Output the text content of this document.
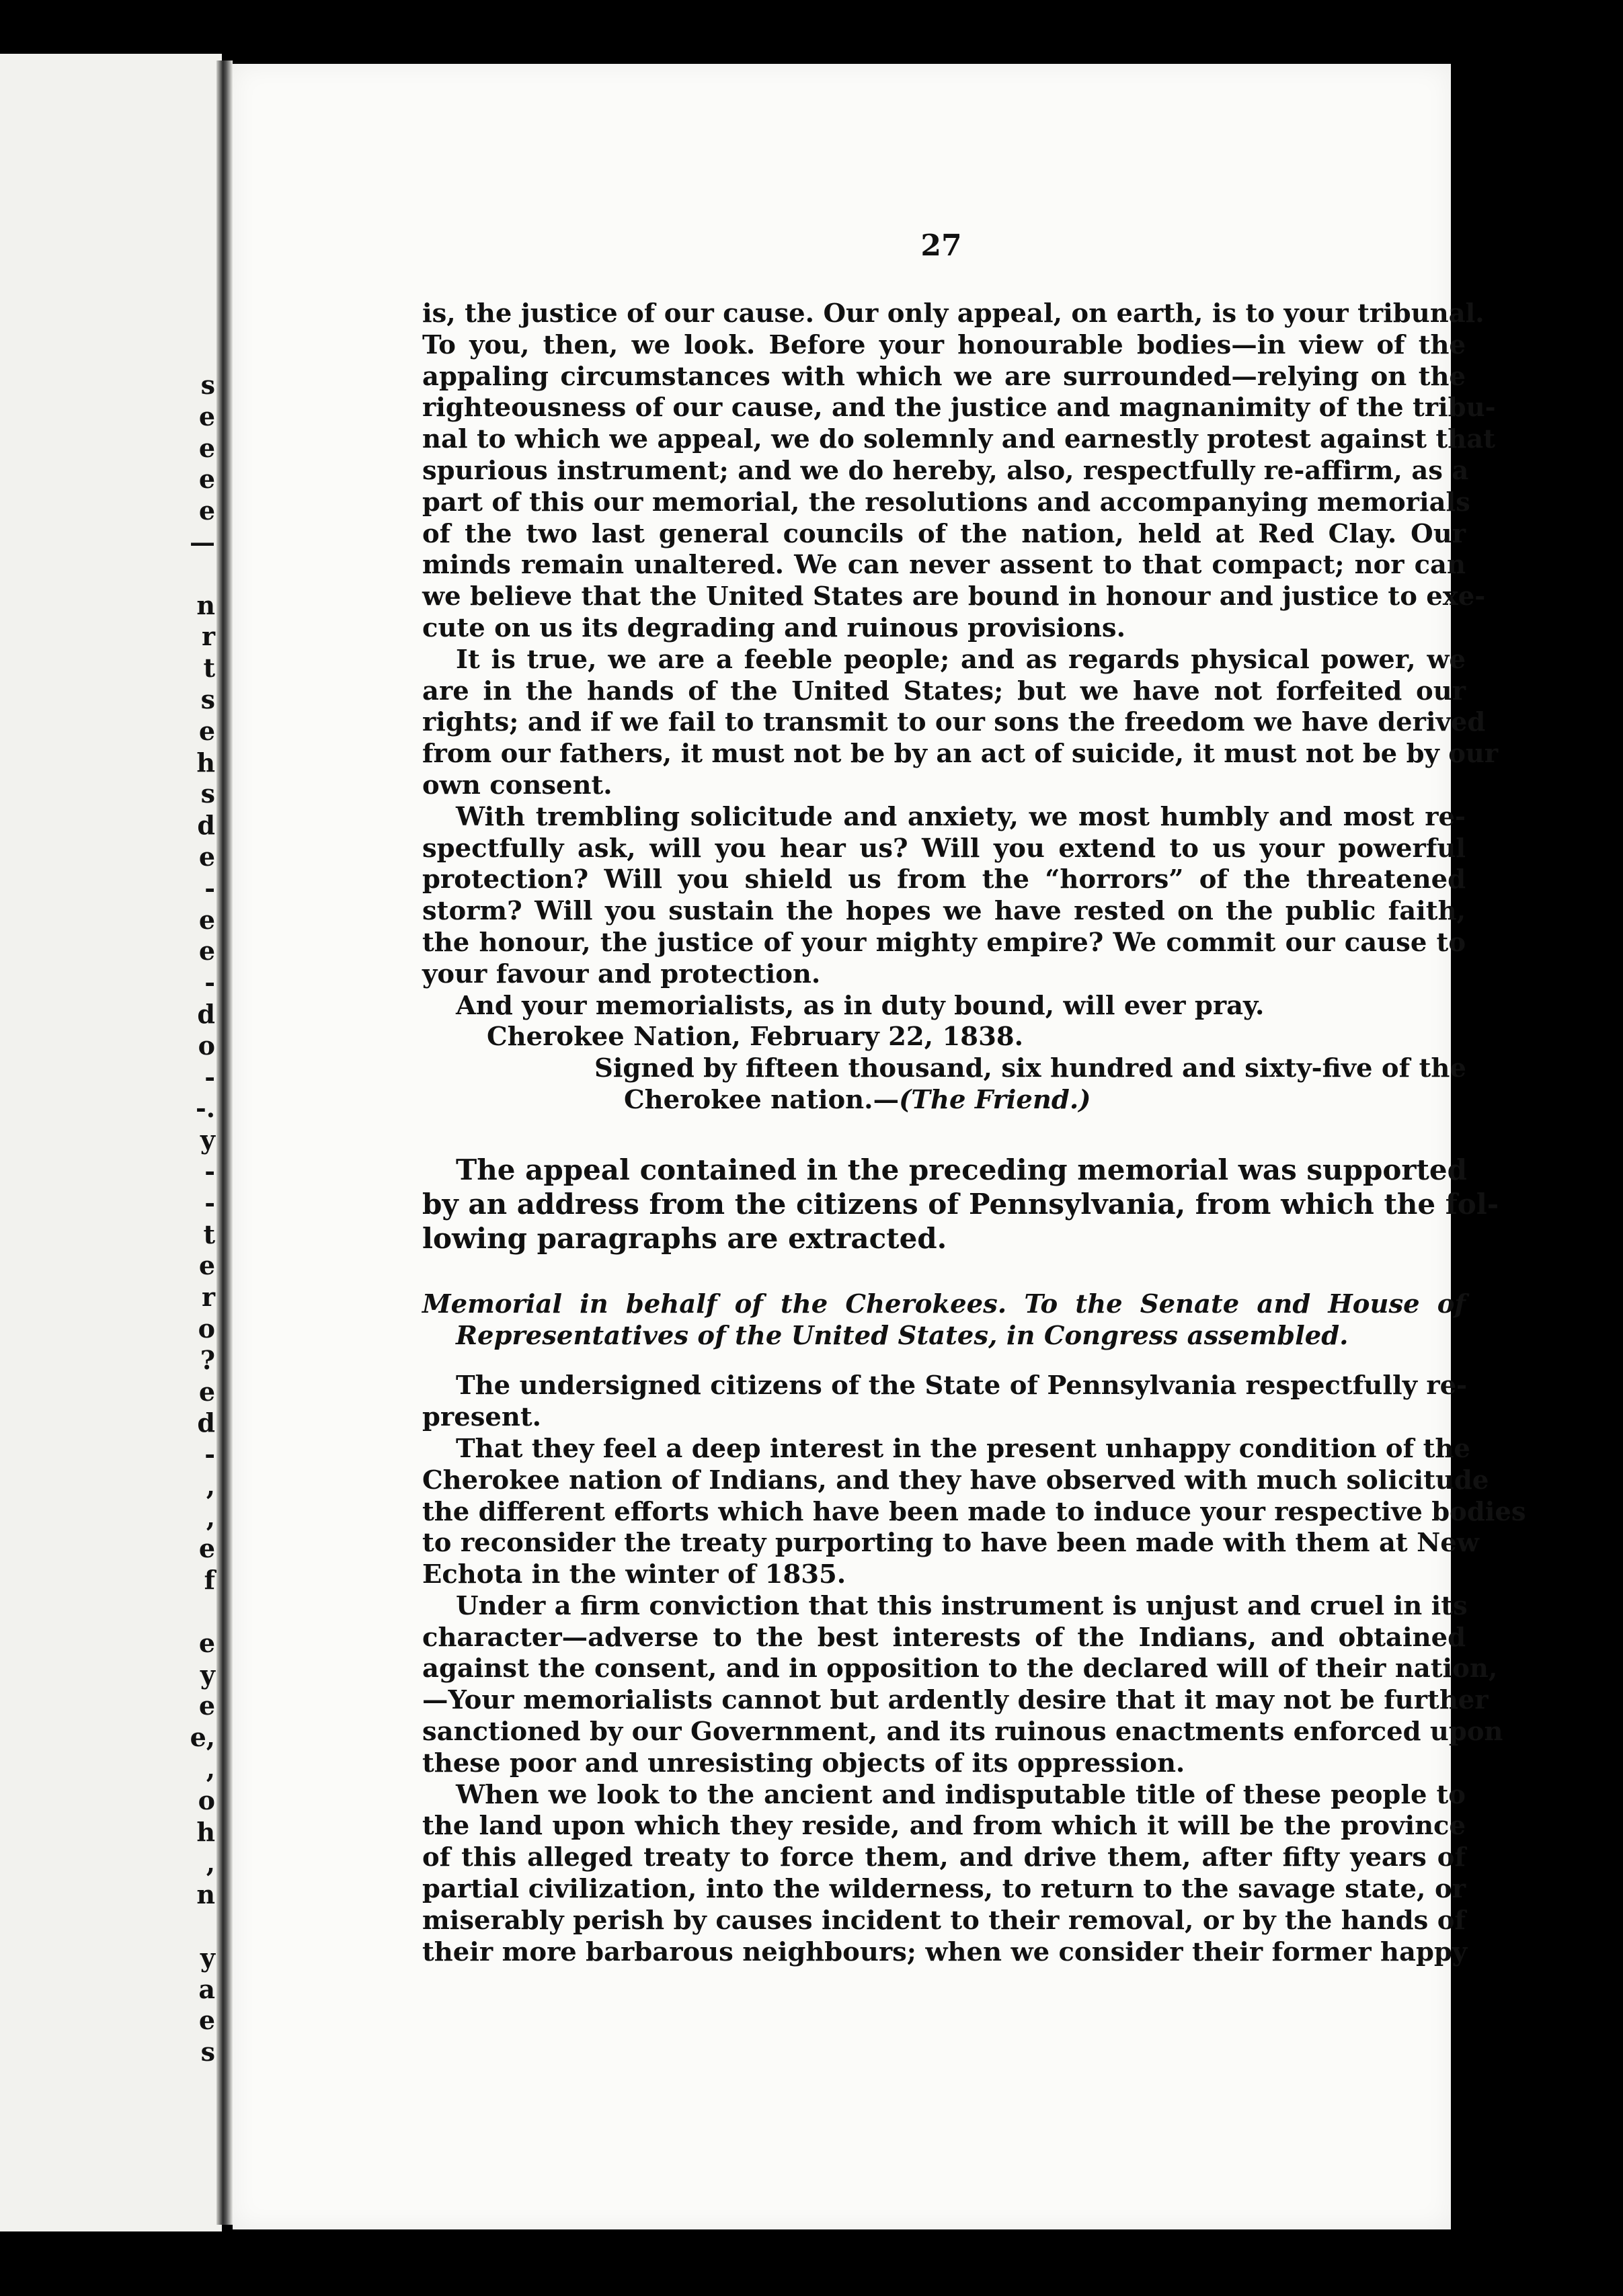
s
e
e
e
e
—
n
r
t
s
e
h
s
d
e
-
e
e
-
d
o
-
-.
y
-
-
t
e
r
o
?
e
d
-
,
,
e
f
e
y
e
e,
,
o
h
,
n
y
a
e
s
27
is, the justice of our cause. Our only appeal, on earth, is to your tribunal.
To you, then, we look. Before your honourable bodies—in view of the
appaling circumstances with which we are surrounded—relying on the
righteousness of our cause, and the justice and magnanimity of the tribu-
nal to which we appeal, we do solemnly and earnestly protest against that
spurious instrument; and we do hereby, also, respectfully re-affirm, as a
part of this our memorial, the resolutions and accompanying memorials
of the two last general councils of the nation, held at Red Clay. Our
minds remain unaltered. We can never assent to that compact; nor can
we believe that the United States are bound in honour and justice to exe-
cute on us its degrading and ruinous provisions.
It is true, we are a feeble people; and as regards physical power, we
are in the hands of the United States; but we have not forfeited our
rights; and if we fail to transmit to our sons the freedom we have derived
from our fathers, it must not be by an act of suicide, it must not be by our
own consent.
With trembling solicitude and anxiety, we most humbly and most re-
spectfully ask, will you hear us? Will you extend to us your powerful
protection? Will you shield us from the “horrors” of the threatened
storm? Will you sustain the hopes we have rested on the public faith,
the honour, the justice of your mighty empire? We commit our cause to
your favour and protection.
And your memorialists, as in duty bound, will ever pray.
Cherokee Nation, February 22, 1838.
Signed by fifteen thousand, six hundred and sixty-five of the
Cherokee nation.—(The Friend.)
The appeal contained in the preceding memorial was supported
by an address from the citizens of Pennsylvania, from which the fol-
lowing paragraphs are extracted.
Memorial in behalf of the Cherokees. To the Senate and House of
Representatives of the United States, in Congress assembled.
The undersigned citizens of the State of Pennsylvania respectfully re-
present.
That they feel a deep interest in the present unhappy condition of the
Cherokee nation of Indians, and they have observed with much solicitude
the different efforts which have been made to induce your respective bodies
to reconsider the treaty purporting to have been made with them at New
Echota in the winter of 1835.
Under a firm conviction that this instrument is unjust and cruel in its
character—adverse to the best interests of the Indians, and obtained
against the consent, and in opposition to the declared will of their nation,
—Your memorialists cannot but ardently desire that it may not be further
sanctioned by our Government, and its ruinous enactments enforced upon
these poor and unresisting objects of its oppression.
When we look to the ancient and indisputable title of these people to
the land upon which they reside, and from which it will be the province
of this alleged treaty to force them, and drive them, after fifty years of
partial civilization, into the wilderness, to return to the savage state, or
miserably perish by causes incident to their removal, or by the hands of
their more barbarous neighbours; when we consider their former happy
